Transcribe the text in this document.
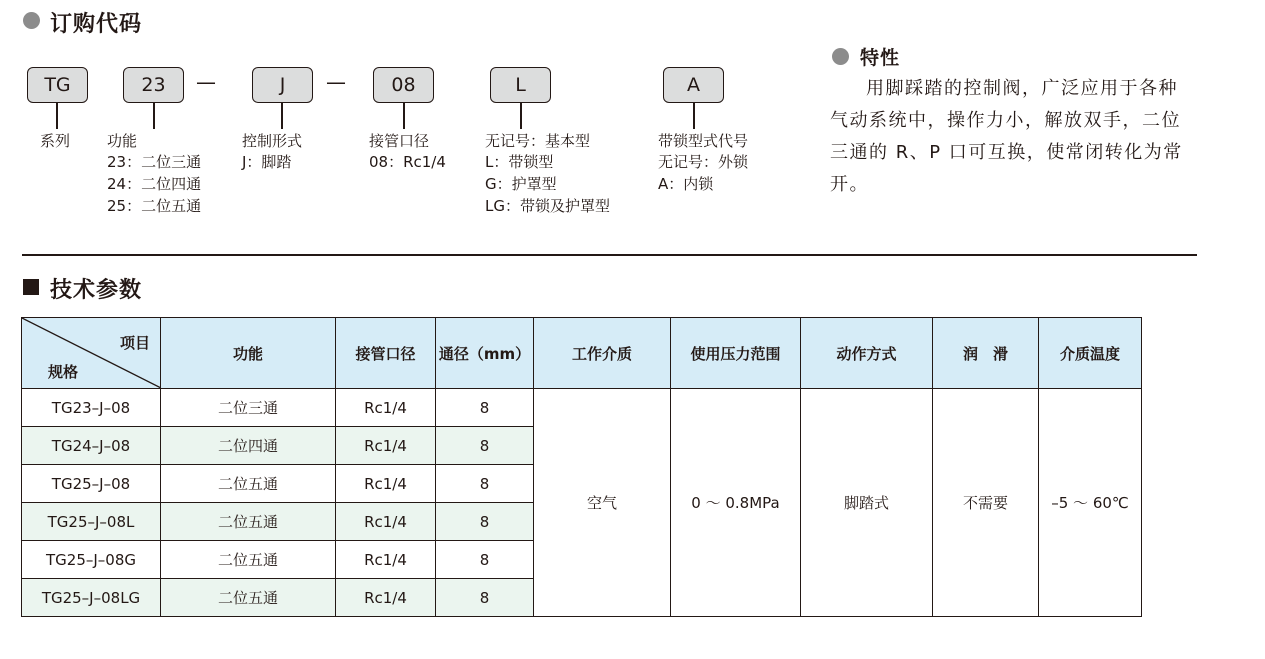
订购代码
TG	23	—	J	—	08	L	A
系列 功能
23：二位三通
24：二位四通
25：二位五通
控制形式
J：脚踏
接管口径
08：Rc1/4
无记号：基本型
L：带锁型
G：护罩型
LG：带锁及护罩型
带锁型式代号
无记号：外锁
A：内锁
特性
用脚踩踏的控制阀，广泛应用于各种
气动系统中，操作力小，解放双手，二位
三通的 R、P 口可互换，使常闭转化为常
开。
技术参数
项目
规格	功能	接管口径	通径（mm）	工作介质	使用压力范围	动作方式	润　滑	介质温度
TG23–J–08	二位三通	Rc1/4	8	空气	0 ～ 0.8MPa	脚踏式	不需要	–5 ～ 60℃
TG24–J–08	二位四通	Rc1/4	8					
TG25–J–08	二位五通	Rc1/4	8					
TG25–J–08L	二位五通	Rc1/4	8					
TG25–J–08G	二位五通	Rc1/4	8					
TG25–J–08LG	二位五通	Rc1/4	8					
